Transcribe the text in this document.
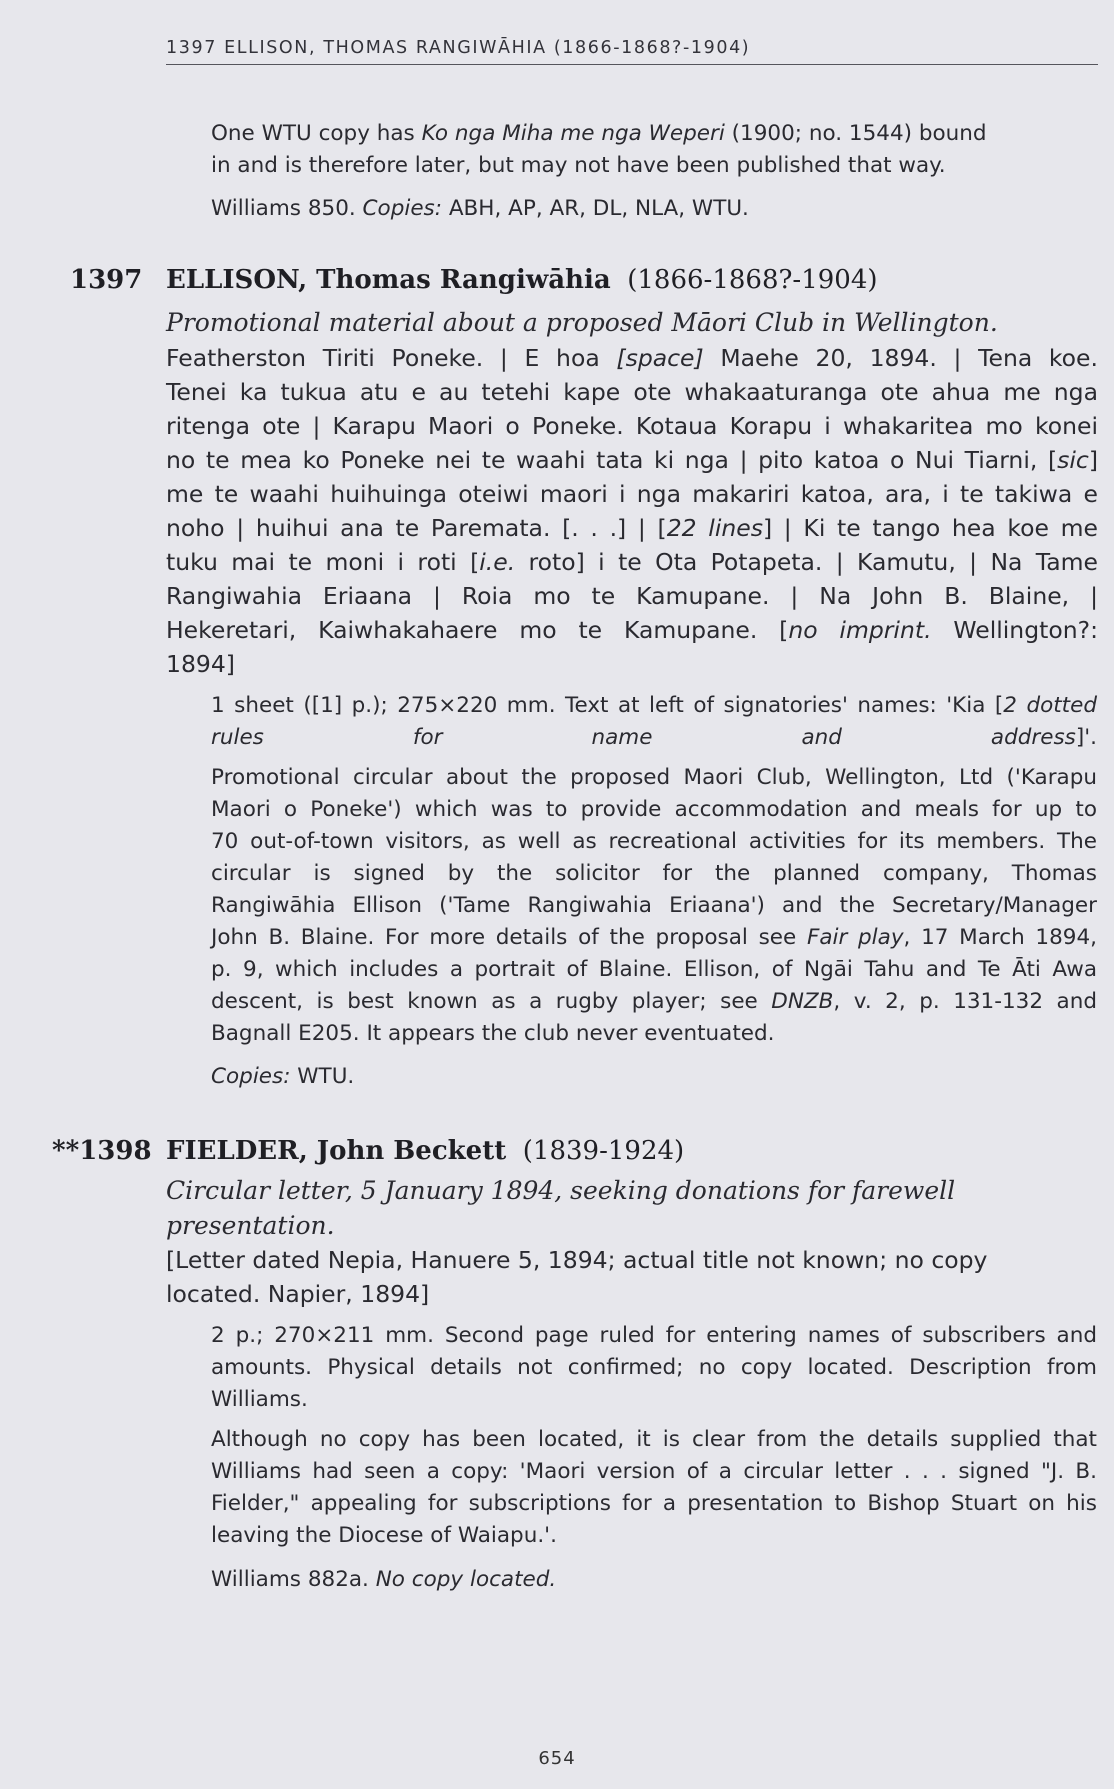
1397 ELLISON, THOMAS RANGIWĀHIA (1866-1868?-1904)

One WTU copy has Ko nga Miha me nga Weperi (1900; no. 1544) bound
in and is therefore later, but may not have been published that way.

Williams 850. Copies: ABH, AP, AR, DL, NLA, WTU.

1397 ELLISON, Thomas Rangiwāhia (1866-1868?-1904)

Promotional material about a proposed Māori Club in Wellington.

Featherston Tiriti Poneke. | E hoa [space] Maehe 20, 1894. | Tena koe.
Tenei ka tukua atu e au tetehi kape ote whakaaturanga ote ahua me nga
ritenga ote | Karapu Maori o Poneke. Kotaua Korapu i whakaritea mo konei
no te mea ko Poneke nei te waahi tata ki nga | pito katoa o Nui Tiarni, [sic]
me te waahi huihuinga oteiwi maori i nga makariri katoa, ara, i te takiwa e
noho | huihui ana te Paremata. [. . .] | [22 lines] | Ki te tango hea koe me
tuku mai te moni i roti [i.e. roto] i te Ota Potapeta. | Kamutu, | Na Tame
Rangiwahia Eriaana | Roia mo te Kamupane. | Na John B. Blaine, |
Hekeretari, Kaiwhakahaere mo te Kamupane. [no imprint. Wellington?:
1894]

1 sheet ([1] p.); 275×220 mm. Text at left of signatories' names: 'Kia [2 dotted rules for name and address]'.

Promotional circular about the proposed Maori Club, Wellington, Ltd ('Karapu
Maori o Poneke') which was to provide accommodation and meals for up to
70 out-of-town visitors, as well as recreational activities for its members. The
circular is signed by the solicitor for the planned company, Thomas
Rangiwāhia Ellison ('Tame Rangiwahia Eriaana') and the Secretary/Manager
John B. Blaine. For more details of the proposal see Fair play, 17 March 1894,
p. 9, which includes a portrait of Blaine. Ellison, of Ngāi Tahu and Te Āti Awa
descent, is best known as a rugby player; see DNZB, v. 2, p. 131-132 and
Bagnall E205. It appears the club never eventuated.

Copies: WTU.

**1398 FIELDER, John Beckett (1839-1924)

Circular letter, 5 January 1894, seeking donations for farewell
presentation.

[Letter dated Nepia, Hanuere 5, 1894; actual title not known; no copy
located. Napier, 1894]

2 p.; 270×211 mm. Second page ruled for entering names of subscribers and
amounts. Physical details not confirmed; no copy located. Description from
Williams.

Although no copy has been located, it is clear from the details supplied that
Williams had seen a copy: 'Maori version of a circular letter . . . signed "J. B.
Fielder," appealing for subscriptions for a presentation to Bishop Stuart on his
leaving the Diocese of Waiapu.'.

Williams 882a. No copy located.

654
